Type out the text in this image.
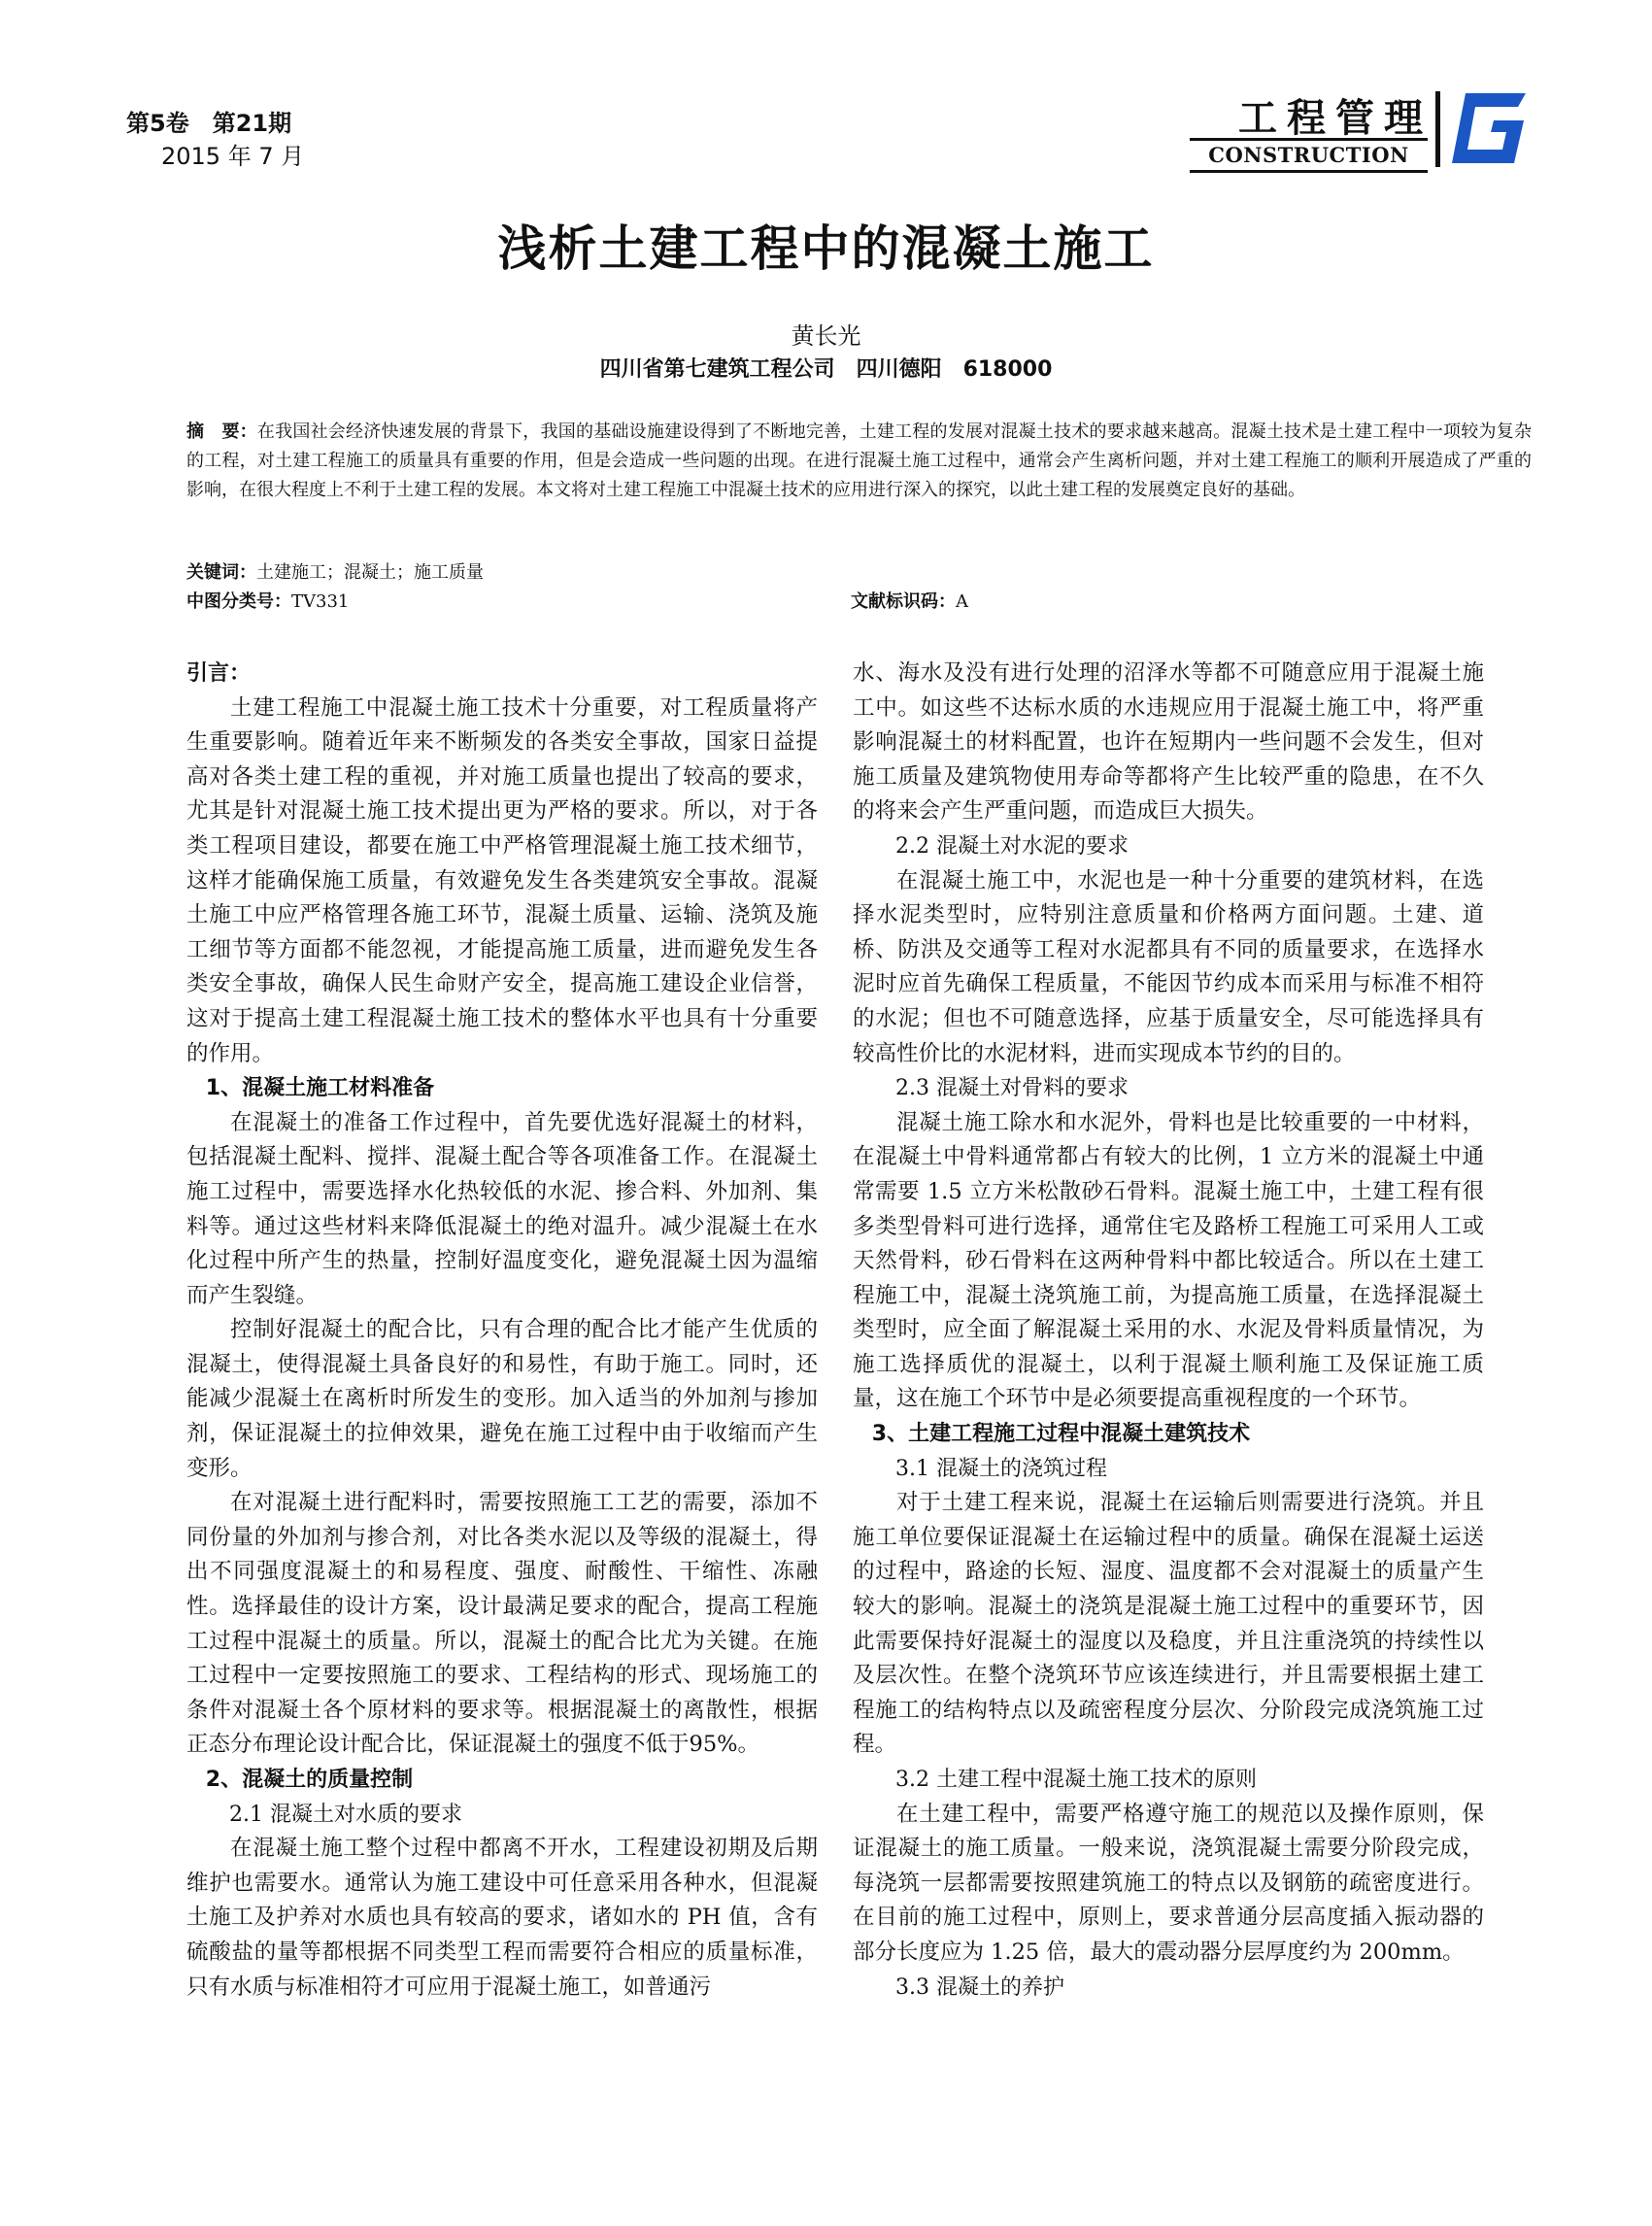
第5卷　第21期
2015 年 7 月
工程管理
CONSTRUCTION
浅析土建工程中的混凝土施工
黄长光
四川省第七建筑工程公司　四川德阳　618000
摘　要：在我国社会经济快速发展的背景下，我国的基础设施建设得到了不断地完善，土建工程的发展对混凝土技术的要求越来越高。混凝土技术是土建工程中一项较为复杂的工程，对土建工程施工的质量具有重要的作用，但是会造成一些问题的出现。在进行混凝土施工过程中，通常会产生离析问题，并对土建工程施工的顺利开展造成了严重的影响，在很大程度上不利于土建工程的发展。本文将对土建工程施工中混凝土技术的应用进行深入的探究，以此土建工程的发展奠定良好的基础。
关键词：土建施工；混凝土；施工质量
中图分类号：TV331	文献标识码：A
引言：

土建工程施工中混凝土施工技术十分重要，对工程质量将产生重要影响。随着近年来不断频发的各类安全事故，国家日益提高对各类土建工程的重视，并对施工质量也提出了较高的要求，尤其是针对混凝土施工技术提出更为严格的要求。所以，对于各类工程项目建设，都要在施工中严格管理混凝土施工技术细节，这样才能确保施工质量，有效避免发生各类建筑安全事故。混凝土施工中应严格管理各施工环节，混凝土质量、运输、浇筑及施工细节等方面都不能忽视，才能提高施工质量，进而避免发生各类安全事故，确保人民生命财产安全，提高施工建设企业信誉，这对于提高土建工程混凝土施工技术的整体水平也具有十分重要的作用。

1、混凝土施工材料准备

在混凝土的准备工作过程中，首先要优选好混凝土的材料，包括混凝土配料、搅拌、混凝土配合等各项准备工作。在混凝土施工过程中，需要选择水化热较低的水泥、掺合料、外加剂、集料等。通过这些材料来降低混凝土的绝对温升。减少混凝土在水化过程中所产生的热量，控制好温度变化，避免混凝土因为温缩而产生裂缝。

控制好混凝土的配合比，只有合理的配合比才能产生优质的混凝土，使得混凝土具备良好的和易性，有助于施工。同时，还能减少混凝土在离析时所发生的变形。加入适当的外加剂与掺加剂，保证混凝土的拉伸效果，避免在施工过程中由于收缩而产生变形。

在对混凝土进行配料时，需要按照施工工艺的需要，添加不同份量的外加剂与掺合剂，对比各类水泥以及等级的混凝土，得出不同强度混凝土的和易程度、强度、耐酸性、干缩性、冻融性。选择最佳的设计方案，设计最满足要求的配合，提高工程施工过程中混凝土的质量。所以，混凝土的配合比尤为关键。在施工过程中一定要按照施工的要求、工程结构的形式、现场施工的条件对混凝土各个原材料的要求等。根据混凝土的离散性，根据正态分布理论设计配合比，保证混凝土的强度不低于95%。

2、混凝土的质量控制
2.1 混凝土对水质的要求

在混凝土施工整个过程中都离不开水，工程建设初期及后期维护也需要水。通常认为施工建设中可任意采用各种水，但混凝土施工及护养对水质也具有较高的要求，诸如水的 PH 值，含有硫酸盐的量等都根据不同类型工程而需要符合相应的质量标准，只有水质与标准相符才可应用于混凝土施工，如普通污

水、海水及没有进行处理的沼泽水等都不可随意应用于混凝土施工中。如这些不达标水质的水违规应用于混凝土施工中，将严重影响混凝土的材料配置，也许在短期内一些问题不会发生，但对施工质量及建筑物使用寿命等都将产生比较严重的隐患，在不久的将来会产生严重问题，而造成巨大损失。

2.2 混凝土对水泥的要求

在混凝土施工中，水泥也是一种十分重要的建筑材料，在选择水泥类型时，应特别注意质量和价格两方面问题。土建、道桥、防洪及交通等工程对水泥都具有不同的质量要求，在选择水泥时应首先确保工程质量，不能因节约成本而采用与标准不相符的水泥；但也不可随意选择，应基于质量安全，尽可能选择具有较高性价比的水泥材料，进而实现成本节约的目的。

2.3 混凝土对骨料的要求

混凝土施工除水和水泥外，骨料也是比较重要的一中材料，在混凝土中骨料通常都占有较大的比例，1 立方米的混凝土中通常需要 1.5 立方米松散砂石骨料。混凝土施工中，土建工程有很多类型骨料可进行选择，通常住宅及路桥工程施工可采用人工或天然骨料，砂石骨料在这两种骨料中都比较适合。所以在土建工程施工中，混凝土浇筑施工前，为提高施工质量，在选择混凝土类型时，应全面了解混凝土采用的水、水泥及骨料质量情况，为施工选择质优的混凝土，以利于混凝土顺利施工及保证施工质量，这在施工个环节中是必须要提高重视程度的一个环节。

3、土建工程施工过程中混凝土建筑技术
3.1 混凝土的浇筑过程

对于土建工程来说，混凝土在运输后则需要进行浇筑。并且施工单位要保证混凝土在运输过程中的质量。确保在混凝土运送的过程中，路途的长短、湿度、温度都不会对混凝土的质量产生较大的影响。混凝土的浇筑是混凝土施工过程中的重要环节，因此需要保持好混凝土的湿度以及稳度，并且注重浇筑的持续性以及层次性。在整个浇筑环节应该连续进行，并且需要根据土建工程施工的结构特点以及疏密程度分层次、分阶段完成浇筑施工过程。

3.2 土建工程中混凝土施工技术的原则

在土建工程中，需要严格遵守施工的规范以及操作原则，保证混凝土的施工质量。一般来说，浇筑混凝土需要分阶段完成，每浇筑一层都需要按照建筑施工的特点以及钢筋的疏密度进行。在目前的施工过程中，原则上，要求普通分层高度插入振动器的部分长度应为 1.25 倍，最大的震动器分层厚度约为 200mm。

3.3 混凝土的养护
